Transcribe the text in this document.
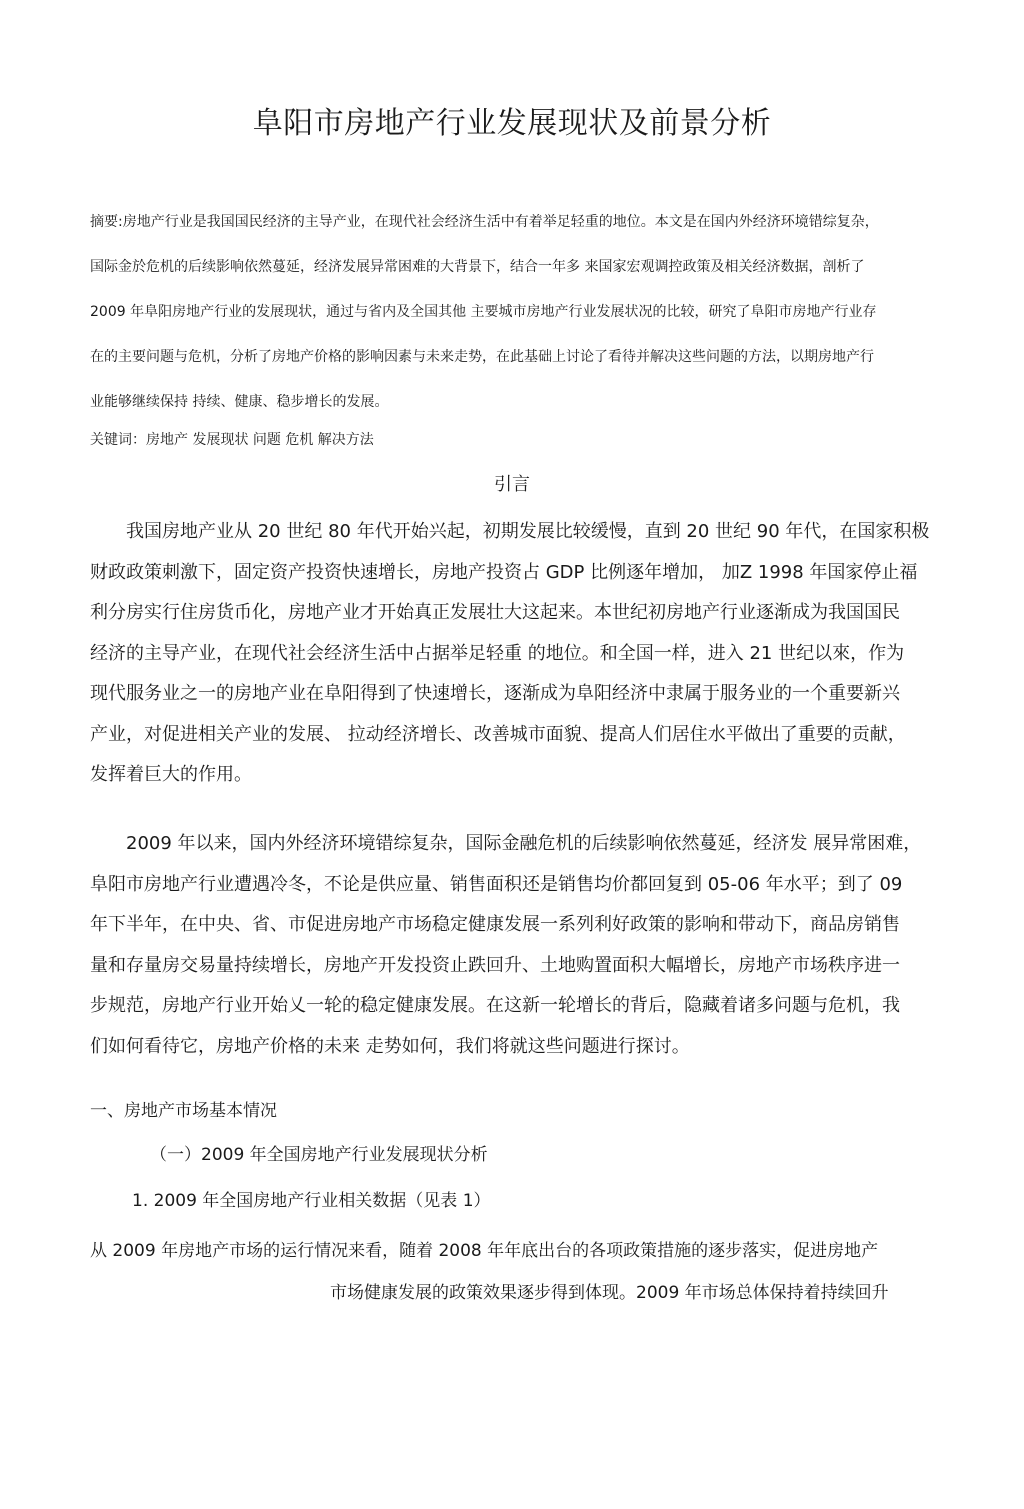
阜阳市房地产行业发展现状及前景分析
摘要:房地产行业是我国国民经济的主导产业，在现代社会经济生活中有着举足轻重的地位。本文是在国内外经济环境错综复杂，
国际金於危机的后续影响依然蔓延，经济发展异常困难的大背景下，结合一年多 来国家宏观调控政策及相关经济数据，剖析了
2009 年阜阳房地产行业的发展现状，通过与省内及全国其他 主要城市房地产行业发展状况的比较，研究了阜阳市房地产行业存
在的主要问题与危机，分析了房地产价格的影响因素与未来走势，在此基础上讨论了看待并解决这些问题的方法，以期房地产行
业能够继续保持 持续、健康、稳步增长的发展。

关键词：房地产 发展现状 问题 危机 解决方法

引言
　　我国房地产业从 20 世纪 80 年代开始兴起，初期发展比较缓慢，直到 20 世纪 90 年代，在国家积极
财政政策刺激下，固定资产投资快速增长，房地产投资占 GDP 比例逐年增加， 加Z 1998 年国家停止福
利分房实行住房货币化，房地产业才开始真正发展壮大这起来。本世纪初房地产行业逐渐成为我国国民
经济的主导产业，在现代社会经济生活中占据举足轻重 的地位。和全国一样，进入 21 世纪以來，作为
现代服务业之一的房地产业在阜阳得到了快速增长，逐渐成为阜阳经济中隶属于服务业的一个重要新兴
产业，对促进相关产业的发展、 拉动经济增长、改善城市面貌、提高人们居住水平做出了重要的贡献，
发挥着巨大的作用。
　　2009 年以来，国内外经济环境错综复杂，国际金融危机的后续影响依然蔓延，经济发 展异常困难，
阜阳市房地产行业遭遇冷冬，不论是供应量、销售面积还是销售均价都回复到 05-06 年水平；到了 09
年下半年，在中央、省、市促进房地产市场稳定健康发展一系列利好政策的影响和带动下，商品房销售
量和存量房交易量持续增长，房地产开发投资止跌回升、土地购置面积大幅增长，房地产市场秩序进一
步规范，房地产行业开始乂一轮的稳定健康发展。在这新一轮增长的背后，隐藏着诸多问题与危机，我
们如何看待它，房地产价格的未来 走势如何，我们将就这些问题进行探讨。
一、房地产市场基本情况
（一）2009 年全国房地产行业发展现状分析
1. 2009 年全国房地产行业相关数据（见表 1）
从 2009 年房地产市场的运行情况来看，随着 2008 年年底出台的各项政策措施的逐步落实，促进房地产
市场健康发展的政策效果逐步得到体现。2009 年市场总体保持着持续回升
